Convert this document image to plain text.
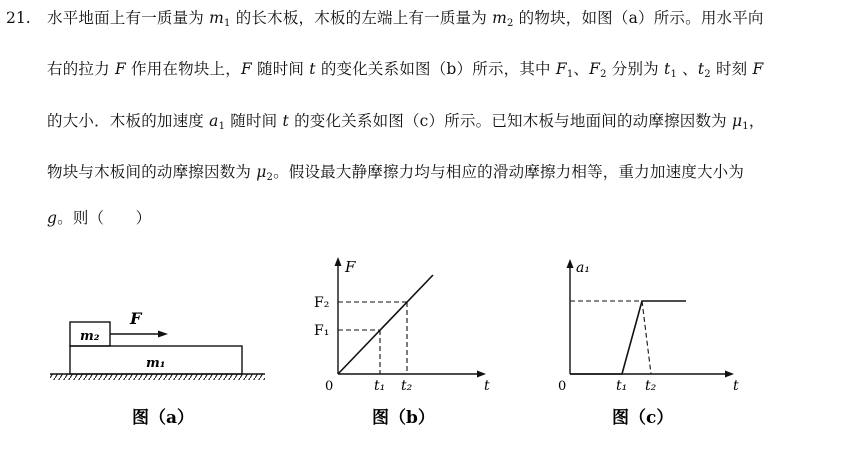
21. 水平地面上有一质量为 $m_1$ 的长木板，木板的左端上有一质量为 $m_2$ 的物块，如图（a）所示。用水平向
右的拉力 F 作用在物块上，F 随时间 t 的变化关系如图（b）所示，其中 $F_1$、$F_2$ 分别为 $t_1$ 、$t_2$ 时刻 F
的大小．木板的加速度 $a_1$ 随时间 t 的变化关系如图（c）所示。已知木板与地面间的动摩擦因数为 $\mu_1$，
物块与木板间的动摩擦因数为 $\mu_2$。假设最大静摩擦力均与相应的滑动摩擦力相等，重力加速度大小为
g。则（　　）
m₂
m₁
F
图（a）
F
t
0
F₁
F₂
t₁ t₂
图（b）
a₁
t
0	t₁ t₂
图（c）
